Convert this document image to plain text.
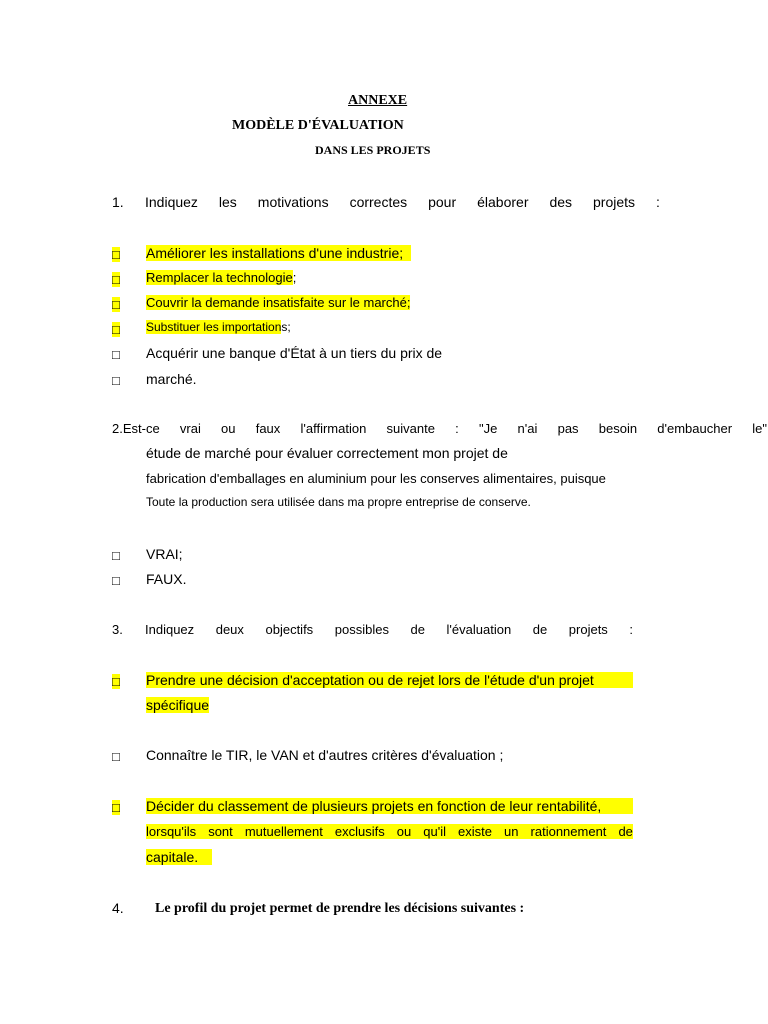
ANNEXE
MODÈLE D'ÉVALUATION
DANS LES PROJETS
1. Indiquez les motivations correctes pour élaborer des projets :
□ Améliorer les installations d'une industrie;
□ Remplacer la technologie;
□ Couvrir la demande insatisfaite sur le marché;
□ Substituer les importations;
□ Acquérir une banque d'État à un tiers du prix de
□ marché.
2.Est-ce vrai ou faux l'affirmation suivante : "Je n'ai pas besoin d'embaucher le"
étude de marché pour évaluer correctement mon projet de
fabrication d'emballages en aluminium pour les conserves alimentaires, puisque
Toute la production sera utilisée dans ma propre entreprise de conserve.
□ VRAI;
□ FAUX.
3. Indiquez deux objectifs possibles de l'évaluation de projets :
□ Prendre une décision d'acceptation ou de rejet lors de l'étude d'un projet
spécifique
□ Connaître le TIR, le VAN et d'autres critères d'évaluation ;
□ Décider du classement de plusieurs projets en fonction de leur rentabilité,
lorsqu'ils sont mutuellement exclusifs ou qu'il existe un rationnement de
capitale.
4. Le profil du projet permet de prendre les décisions suivantes :
